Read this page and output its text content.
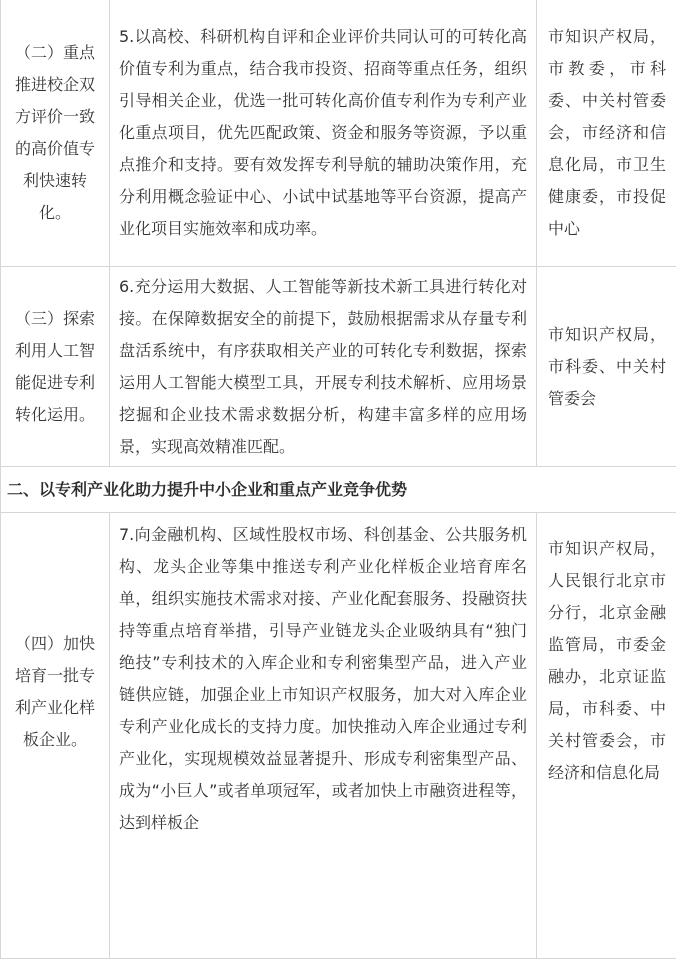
（二）重点推进校企双方评价一致的高价值专利快速转化。	5.以高校、科研机构自评和企业评价共同认可的可转化高价值专利为重点，结合我市投资、招商等重点任务，组织引导相关企业，优选一批可转化高价值专利作为专利产业化重点项目，优先匹配政策、资金和服务等资源，予以重点推介和支持。要有效发挥专利导航的辅助决策作用，充分利用概念验证中心、小试中试基地等平台资源，提高产业化项目实施效率和成功率。	市知识产权局，市教委，市科委、中关村管委会，市经济和信息化局，市卫生健康委，市投促中心

（三）探索利用人工智能促进专利转化运用。	6.充分运用大数据、人工智能等新技术新工具进行转化对接。在保障数据安全的前提下，鼓励根据需求从存量专利盘活系统中，有序获取相关产业的可转化专利数据，探索运用人工智能大模型工具，开展专利技术解析、应用场景挖掘和企业技术需求数据分析，构建丰富多样的应用场景，实现高效精准匹配。	市知识产权局，市科委、中关村管委会
二、以专利产业化助力提升中小企业和重点产业竞争优势		

（四）加快培育一批专利产业化样板企业。	7.向金融机构、区域性股权市场、科创基金、公共服务机构、龙头企业等集中推送专利产业化样板企业培育库名单，组织实施技术需求对接、产业化配套服务、投融资扶持等重点培育举措，引导产业链龙头企业吸纳具有“独门绝技”专利技术的入库企业和专利密集型产品，进入产业链供应链，加强企业上市知识产权服务，加大对入库企业专利产业化成长的支持力度。加快推动入库企业通过专利产业化，实现规模效益显著提升、形成专利密集型产品、成为“小巨人”或者单项冠军，或者加快上市融资进程等，达到样板企	市知识产权局，人民银行北京市分行，北京金融监管局，市委金融办，北京证监局，市科委、中关村管委会，市经济和信息化局
